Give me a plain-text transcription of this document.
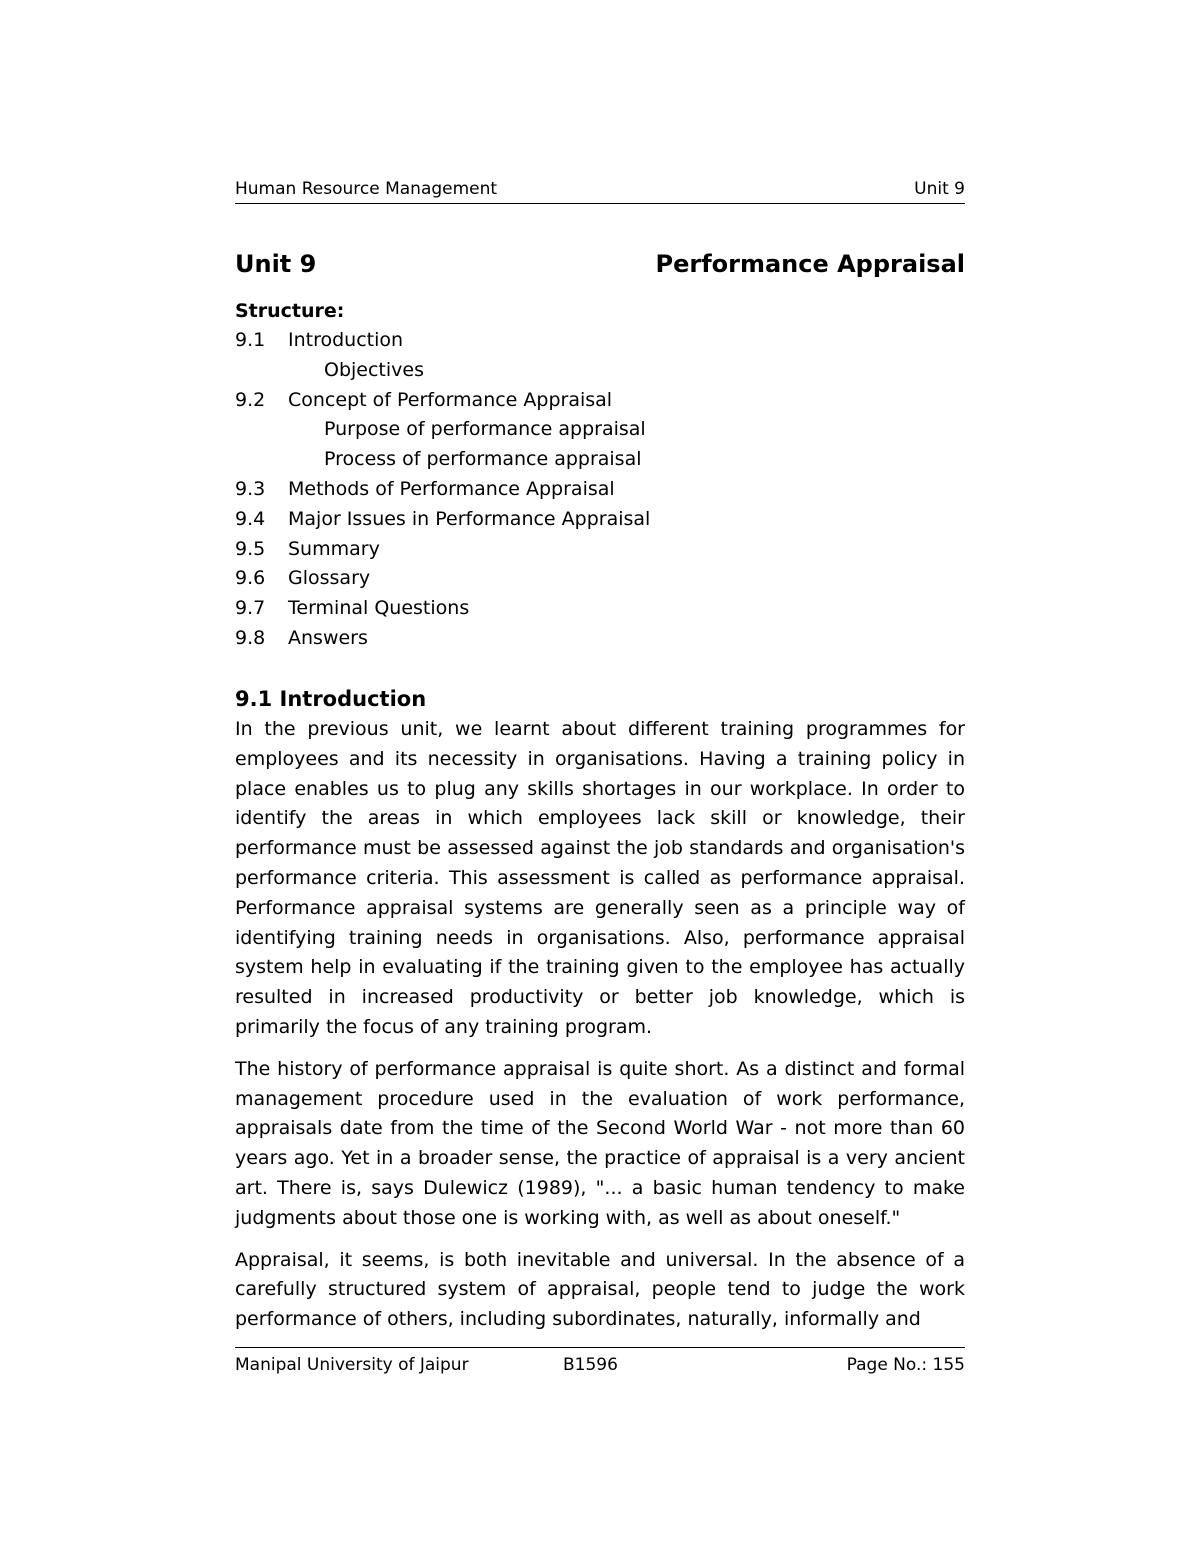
Human Resource Management	Unit 9
Unit 9	Performance Appraisal
Structure:
9.1	Introduction
Objectives
9.2	Concept of Performance Appraisal
Purpose of performance appraisal
Process of performance appraisal
9.3	Methods of Performance Appraisal
9.4	Major Issues in Performance Appraisal
9.5	Summary
9.6	Glossary
9.7	Terminal Questions
9.8	Answers
9.1 Introduction

In the previous unit, we learnt about different training programmes for employees and its necessity in organisations. Having a training policy in place enables us to plug any skills shortages in our workplace. In order to identify the areas in which employees lack skill or knowledge, their performance must be assessed against the job standards and organisation's performance criteria. This assessment is called as performance appraisal. Performance appraisal systems are generally seen as a principle way of identifying training needs in organisations. Also, performance appraisal system help in evaluating if the training given to the employee has actually resulted in increased productivity or better job knowledge, which is primarily the focus of any training program.

The history of performance appraisal is quite short. As a distinct and formal management procedure used in the evaluation of work performance, appraisals date from the time of the Second World War - not more than 60 years ago. Yet in a broader sense, the practice of appraisal is a very ancient art. There is, says Dulewicz (1989), "... a basic human tendency to make judgments about those one is working with, as well as about oneself."

Appraisal, it seems, is both inevitable and universal. In the absence of a carefully structured system of appraisal, people tend to judge the work performance of others, including subordinates, naturally, informally and

Manipal University of Jaipur	B1596	Page No.: 155
